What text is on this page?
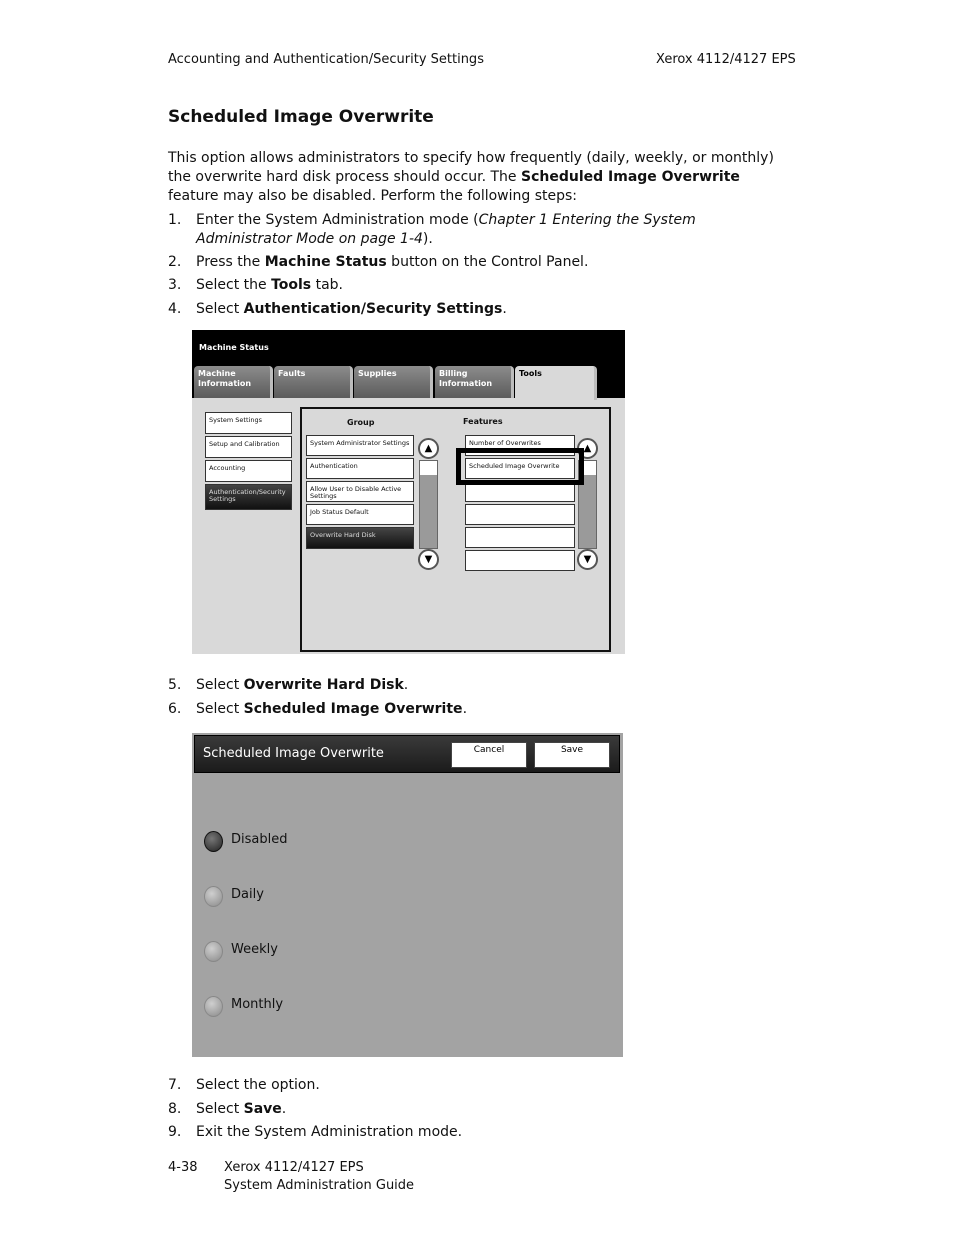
Accounting and Authentication/Security Settings	Xerox 4112/4127 EPS
Scheduled Image Overwrite

This option allows administrators to specify how frequently (daily, weekly, or monthly) the overwrite hard disk process should occur. The Scheduled Image Overwrite feature may also be disabled. Perform the following steps:

1. Enter the System Administration mode (Chapter 1 Entering the System Administrator Mode on page 1-4).
2. Press the Machine Status button on the Control Panel.
3. Select the Tools tab.
4. Select Authentication/Security Settings.
Machine Status
Machine
Information
Faults	Supplies	Billing
Information
Tools
System Settings
Setup and Calibration
Accounting
Authentication/Security Settings
Group	Features
System Administrator Settings
Authentication
Allow User to Disable Active Settings
Job Status Default
Overwrite Hard Disk
▲
▼
Number of Overwrites
Scheduled Image Overwrite
▲
▼
5. Select Overwrite Hard Disk.
6. Select Scheduled Image Overwrite.
Scheduled Image Overwrite	Cancel	Save
Disabled
Daily
Weekly
Monthly
7. Select the option.
8. Select Save.
9. Exit the System Administration mode.
4-38 Xerox 4112/4127 EPS
System Administration Guide
